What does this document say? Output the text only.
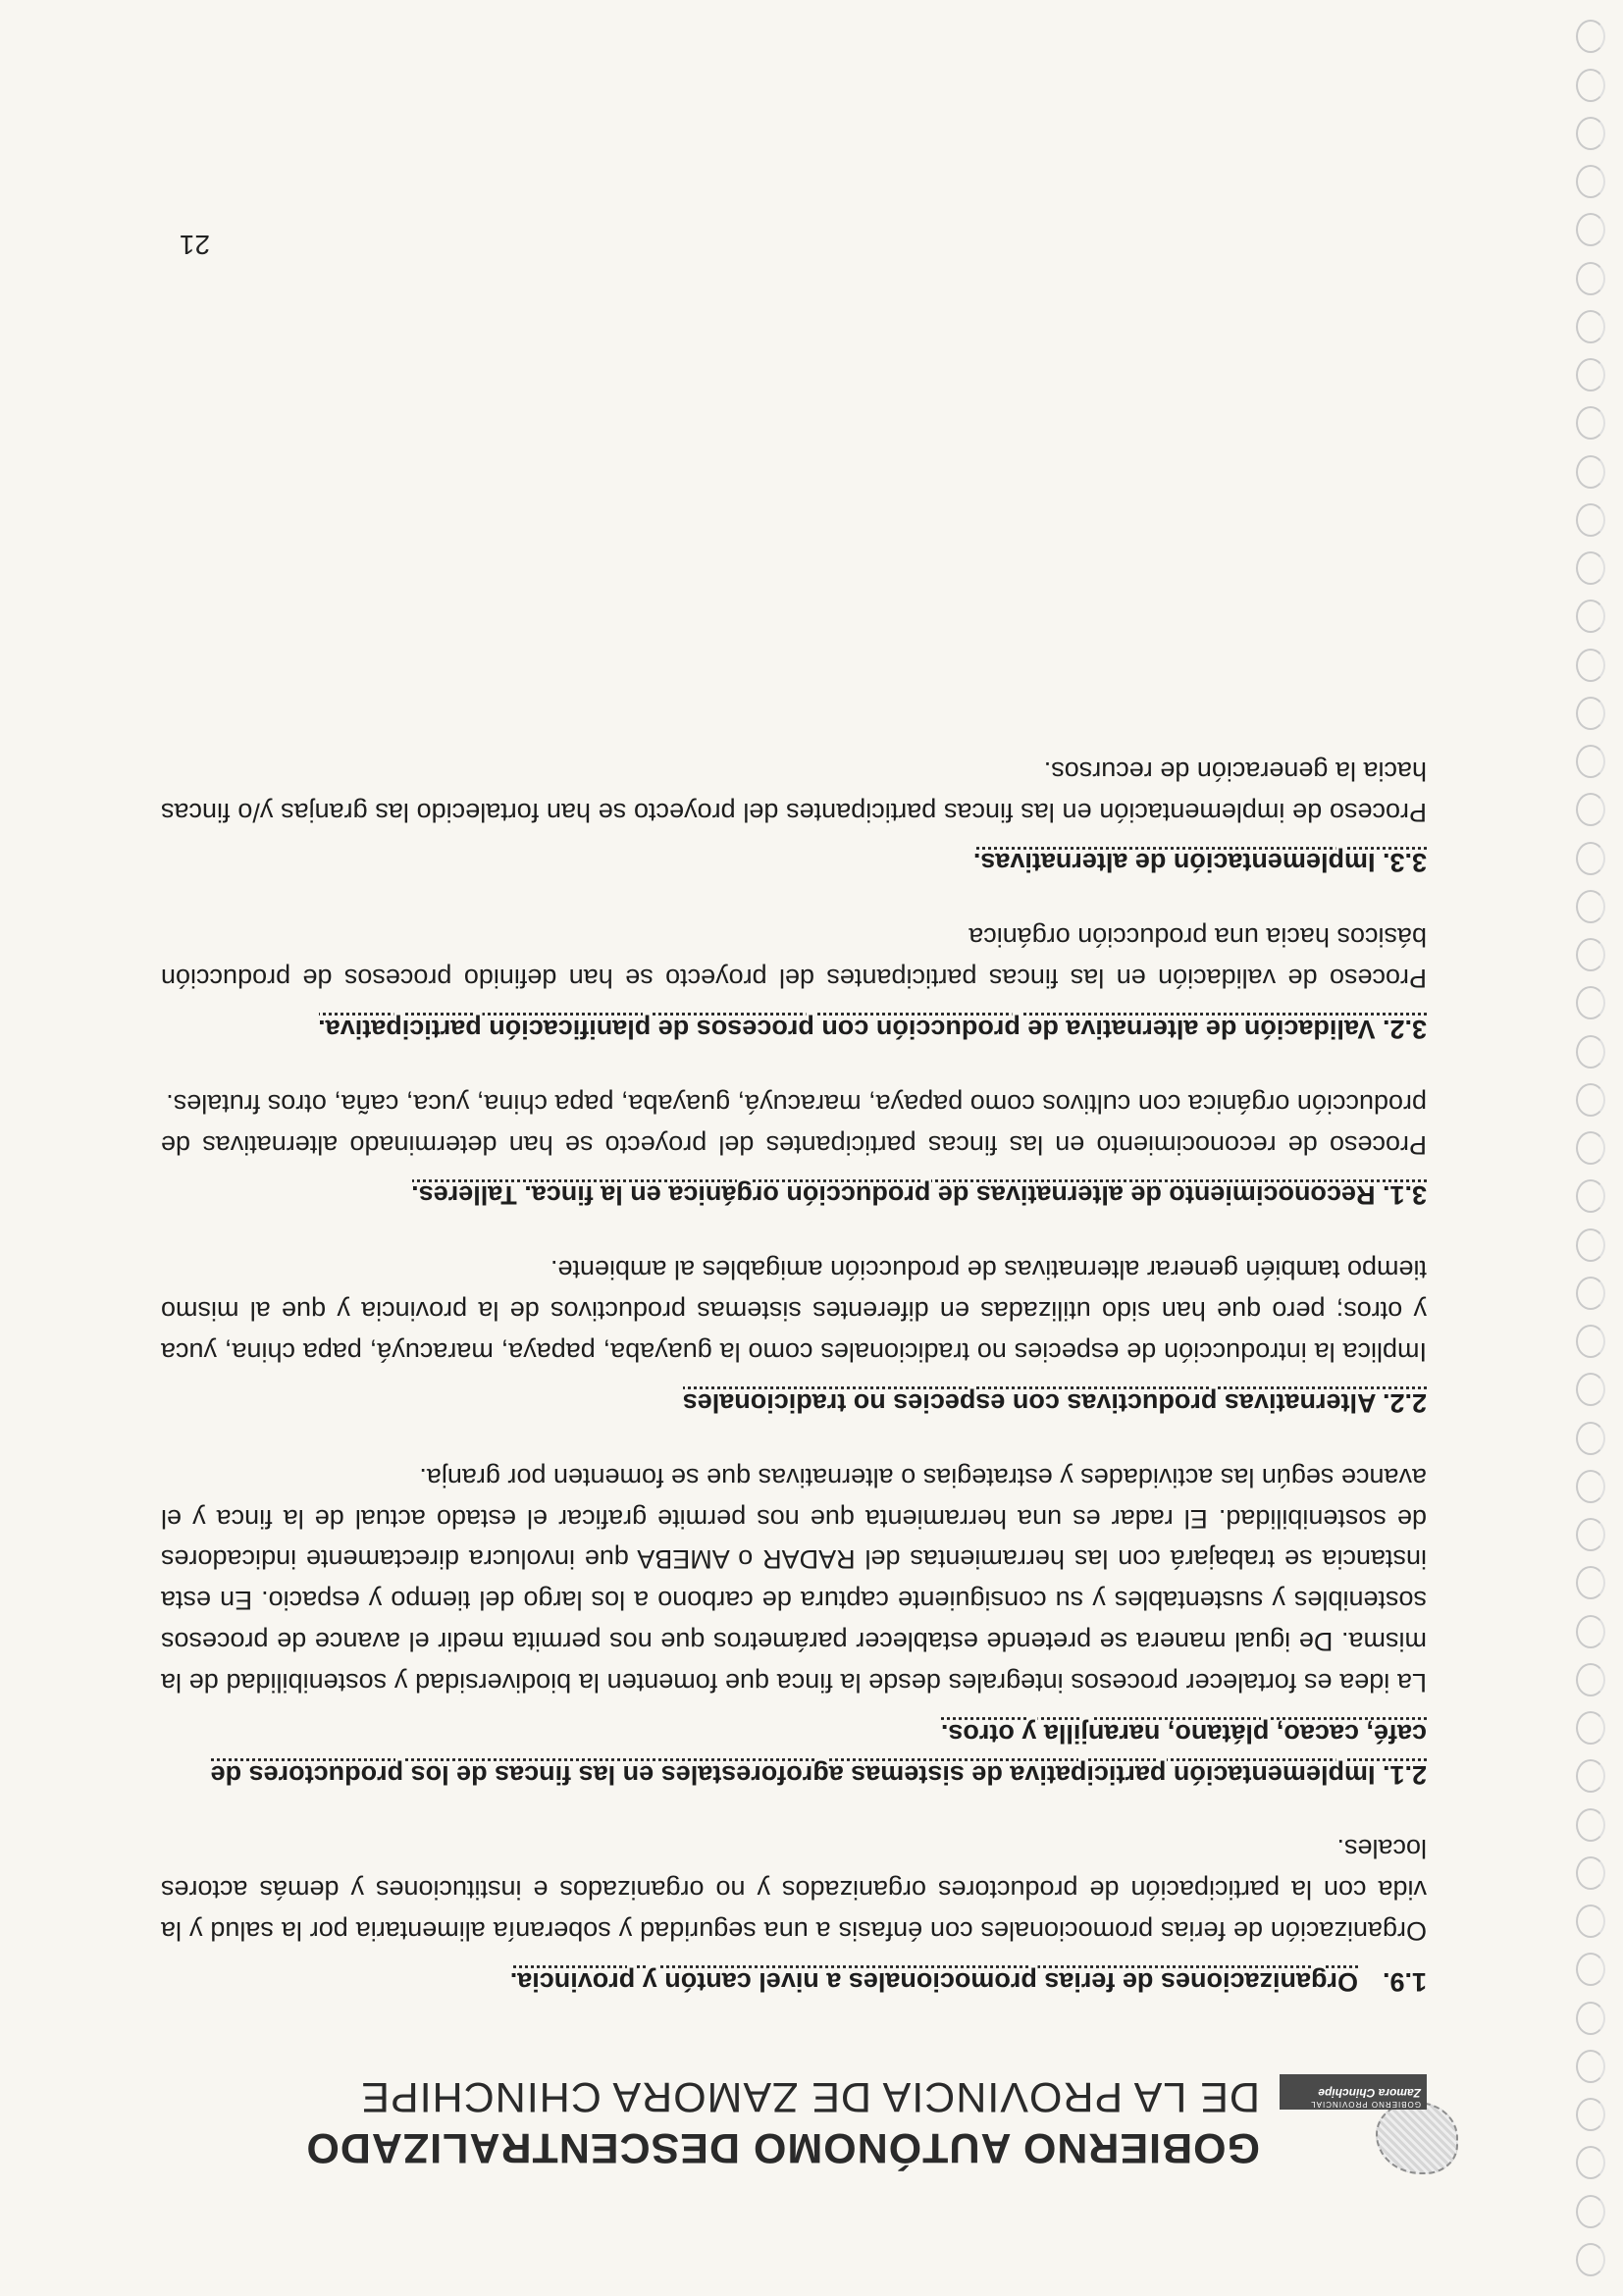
GOBIERNO PROVINCIAL
Zamora Chinchipe
GOBIERNO AUTÓNOMO DESCENTRALIZADO
DE LA PROVINCIA DE ZAMORA CHINCHIPE
1.9.Organizaciones de ferias promocionales a nivel cantón y provincia.
Organización de ferias promocionales con énfasis a una seguridad y soberanía alimentaria por la salud y la vida con la participación de productores organizados y no organizados e instituciones y demás actores locales.
2.1. Implementación participativa de sistemas agroforestales en las fincas de los productores de café, cacao, plátano, naranjilla y otros.
La idea es fortalecer procesos integrales desde la finca que fomenten la biodiversidad y sostenibilidad de la misma. De igual manera se pretende establecer parámetros que nos permita medir el avance de procesos sostenibles y sustentables y su consiguiente captura de carbono a los largo del tiempo y espacio. En esta instancia se trabajará con las herramientas del RADAR o AMEBA que involucra directamente indicadores de sostenibilidad. El radar es una herramienta que nos permite graficar el estado actual de la finca y el avance según las actividades y estrategias o alternativas que se fomenten por granja.
2.2. Alternativas productivas con especies no tradicionales
Implica la introducción de especies no tradicionales como la guayaba, papaya, maracuyá, papa china, yuca y otros; pero que han sido utilizadas en diferentes sistemas productivos de la provincia y que al mismo tiempo también generar alternativas de producción amigables al ambiente.
3.1. Reconocimiento de alternativas de producción orgánica en la finca. Talleres.
Proceso de reconocimiento en las fincas participantes del proyecto se han determinado alternativas de producción orgánica con cultivos como papaya, maracuyá, guayaba, papa china, yuca, caña, otros frutales.
3.2. Validación de alternativa de producción con procesos de planificación participativa.
Proceso de validación en las fincas participantes del proyecto se han definido procesos de producción básicos hacia una producción orgánica
3.3. Implementación de alternativas.
Proceso de implementación en las fincas participantes del proyecto se han fortalecido las granjas y/o fincas hacia la generación de recursos.
21
